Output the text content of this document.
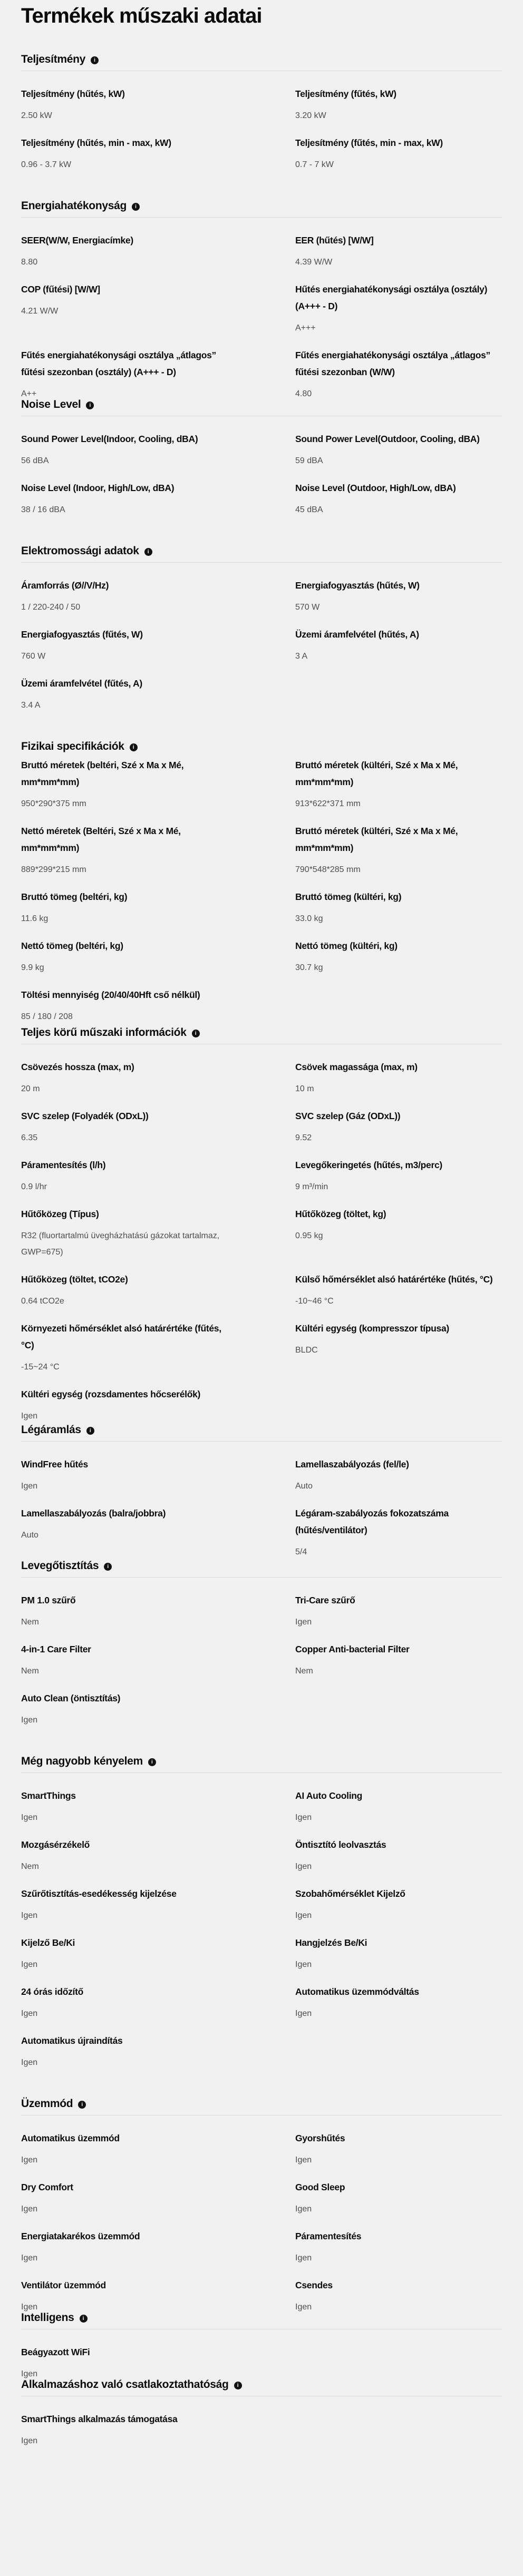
Termékek műszaki adatai
Teljesítmény	i
Teljesítmény (hűtés, kW)
2.50 kW
Teljesítmény (fűtés, kW)
3.20 kW
Teljesítmény (hűtés, min - max, kW)
0.96 - 3.7 kW
Teljesítmény (fűtés, min - max, kW)
0.7 - 7 kW
Energiahatékonyság	i
SEER(W/W, Energiacímke)
8.80
EER (hűtés) [W/W]
4.39 W/W
COP (fűtési) [W/W]
4.21 W/W
Hűtés energiahatékonysági osztálya (osztály) (A+++ - D)
A+++
Fűtés energiahatékonysági osztálya „átlagos” fűtési szezonban (osztály) (A+++ - D)
A++
Fűtés energiahatékonysági osztálya „átlagos” fűtési szezonban (W/W)
4.80
Noise Level	i
Sound Power Level(Indoor, Cooling, dBA)
56 dBA
Sound Power Level(Outdoor, Cooling, dBA)
59 dBA
Noise Level (Indoor, High/Low, dBA)
38 / 16 dBA
Noise Level (Outdoor, High/Low, dBA)
45 dBA
Elektromossági adatok	i
Áramforrás (Ø//V/Hz)
1 / 220-240 / 50
Energiafogyasztás (hűtés, W)
570 W
Energiafogyasztás (fűtés, W)
760 W
Üzemi áramfelvétel (hűtés, A)
3 A
Üzemi áramfelvétel (fűtés, A)
3.4 A
Fizikai specifikációk	i
Bruttó méretek (beltéri, Szé x Ma x Mé, mm*mm*mm)
950*290*375 mm
Bruttó méretek (kültéri, Szé x Ma x Mé, mm*mm*mm)
913*622*371 mm
Nettó méretek (Beltéri, Szé x Ma x Mé, mm*mm*mm)
889*299*215 mm
Bruttó méretek (kültéri, Szé x Ma x Mé, mm*mm*mm)
790*548*285 mm
Bruttó tömeg (beltéri, kg)
11.6 kg
Bruttó tömeg (kültéri, kg)
33.0 kg
Nettó tömeg (beltéri, kg)
9.9 kg
Nettó tömeg (kültéri, kg)
30.7 kg
Töltési mennyiség (20/40/40Hft cső nélkül)
85 / 180 / 208
Teljes körű műszaki információk	i
Csövezés hossza (max, m)
20 m
Csövek magassága (max, m)
10 m
SVC szelep (Folyadék (ODxL))
6.35
SVC szelep (Gáz (ODxL))
9.52
Páramentesítés (l/h)
0.9 l/hr
Levegőkeringetés (hűtés, m3/perc)
9 m³/min
Hűtőközeg (Típus)
R32 (fluortartalmú üvegházhatású gázokat tartalmaz, GWP=675)
Hűtőközeg (töltet, kg)
0.95 kg
Hűtőközeg (töltet, tCO2e)
0.64 tCO2e
Külső hőmérséklet alsó határértéke (hűtés, °C)
-10~46 °C
Környezeti hőmérséklet alsó határértéke (fűtés, °C)
-15~24 °C
Kültéri egység (kompresszor típusa)
BLDC
Kültéri egység (rozsdamentes hőcserélők)
Igen
Légáramlás	i
WindFree hűtés
Igen
Lamellaszabályozás (fel/le)
Auto
Lamellaszabályozás (balra/jobbra)
Auto
Légáram-szabályozás fokozatszáma (hűtés/ventilátor)
5/4
Levegőtisztítás	i
PM 1.0 szűrő
Nem
Tri-Care szűrő
Igen
4-in-1 Care Filter
Nem
Copper Anti-bacterial Filter
Nem
Auto Clean (öntisztítás)
Igen
Még nagyobb kényelem	i
SmartThings
Igen
AI Auto Cooling
Igen
Mozgásérzékelő
Nem
Öntisztító leolvasztás
Igen
Szűrőtisztítás-esedékesség kijelzése
Igen
Szobahőmérséklet Kijelző
Igen
Kijelző Be/Ki
Igen
Hangjelzés Be/Ki
Igen
24 órás időzítő
Igen
Automatikus üzemmódváltás
Igen
Automatikus újraindítás
Igen
Üzemmód	i
Automatikus üzemmód
Igen
Gyorshűtés
Igen
Dry Comfort
Igen
Good Sleep
Igen
Energiatakarékos üzemmód
Igen
Páramentesítés
Igen
Ventilátor üzemmód
Igen
Csendes
Igen
Intelligens	i
Beágyazott WiFi
Igen
Alkalmazáshoz való csatlakoztathatóság	i
SmartThings alkalmazás támogatása
Igen
